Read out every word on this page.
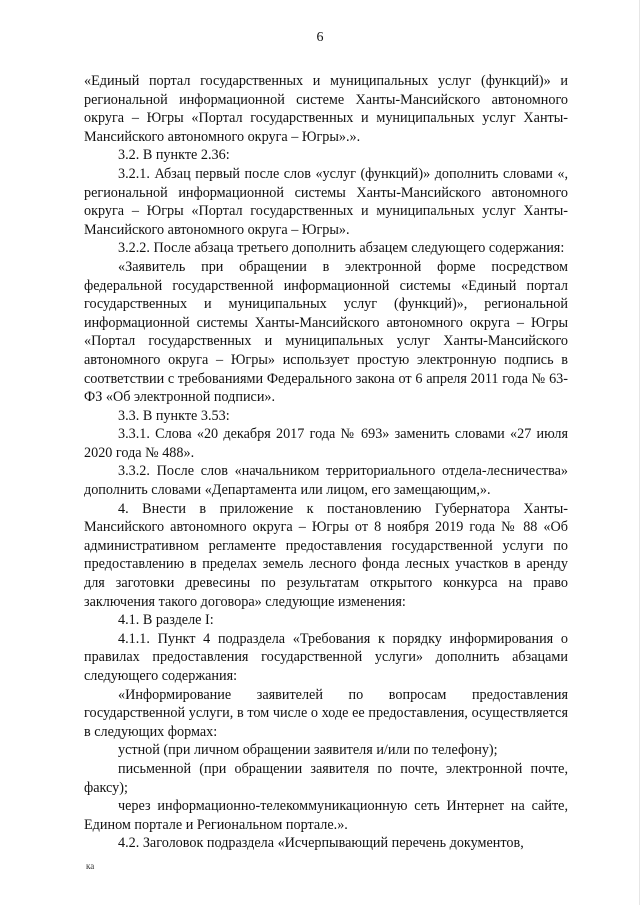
6

«Единый портал государственных и муниципальных услуг (функций)» и региональной информационной системе Ханты-Мансийского автономного округа – Югры «Портал государственных и муниципальных услуг Ханты-Мансийского автономного округа – Югры».».

3.2. В пункте 2.36:

3.2.1. Абзац первый после слов «услуг (функций)» дополнить словами «, региональной информационной системы Ханты-Мансийского автономного округа – Югры «Портал государственных и муниципальных услуг Ханты-Мансийского автономного округа – Югры».

3.2.2. После абзаца третьего дополнить абзацем следующего содержания:

«Заявитель при обращении в электронной форме посредством федеральной государственной информационной системы «Единый портал государственных и муниципальных услуг (функций)», региональной информационной системы Ханты-Мансийского автономного округа – Югры «Портал государственных и муниципальных услуг Ханты-Мансийского автономного округа – Югры» использует простую электронную подпись в соответствии с требованиями Федерального закона от 6 апреля 2011 года № 63-ФЗ «Об электронной подписи».

3.3. В пункте 3.53:

3.3.1. Слова «20 декабря 2017 года № 693» заменить словами «27 июля 2020 года № 488».

3.3.2. После слов «начальником территориального отдела-лесничества» дополнить словами «Департамента или лицом, его замещающим,».

4. Внести в приложение к постановлению Губернатора Ханты-Мансийского автономного округа – Югры от 8 ноября 2019 года № 88 «Об административном регламенте предоставления государственной услуги по предоставлению в пределах земель лесного фонда лесных участков в аренду для заготовки древесины по результатам открытого конкурса на право заключения такого договора» следующие изменения:

4.1. В разделе I:

4.1.1. Пункт 4 подраздела «Требования к порядку информирования о правилах предоставления государственной услуги» дополнить абзацами следующего содержания:

«Информирование заявителей по вопросам предоставления государственной услуги, в том числе о ходе ее предоставления, осуществляется в следующих формах:

устной (при личном обращении заявителя и/или по телефону);

письменной (при обращении заявителя по почте, электронной почте, факсу);

через информационно-телекоммуникационную сеть Интернет на сайте, Едином портале и Региональном портале.».

4.2. Заголовок подраздела «Исчерпывающий перечень документов,

ка
